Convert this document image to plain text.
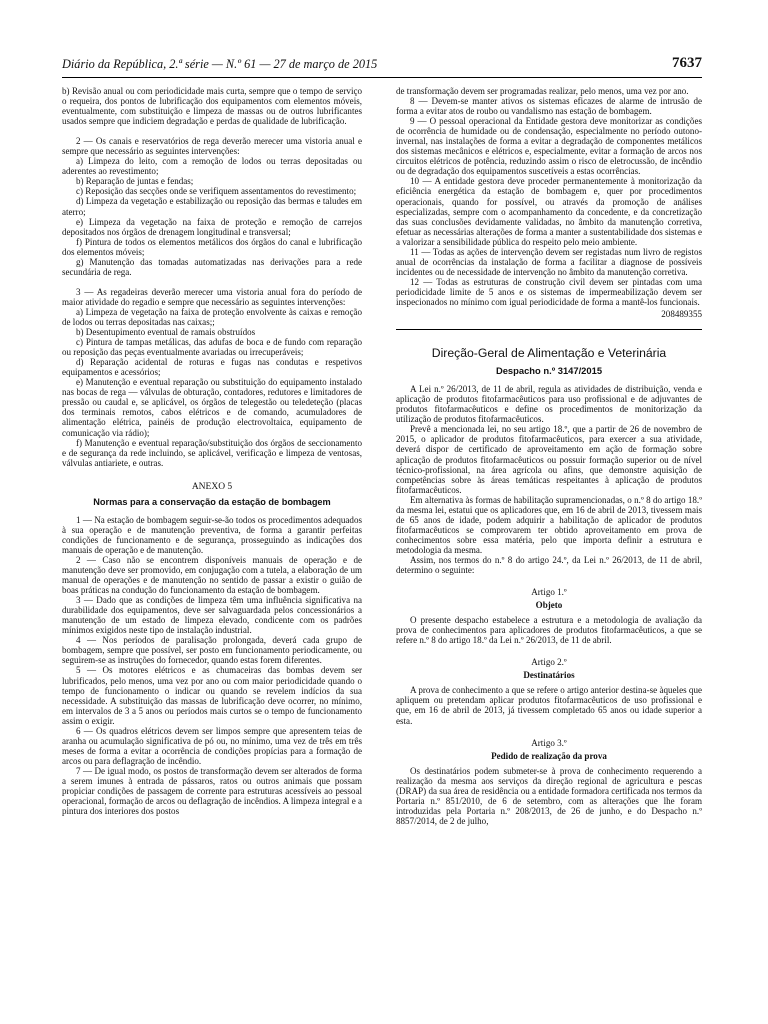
Diário da República, 2.ª série — N.º 61 — 27 de março de 2015	7637

b) Revisão anual ou com periodicidade mais curta, sempre que o tempo de serviço o requeira, dos pontos de lubrificação dos equipamentos com elementos móveis, eventualmente, com substituição e limpeza de massas ou de outros lubrificantes usados sempre que indiciem degradação e perdas de qualidade de lubrificação.

2 — Os canais e reservatórios de rega deverão merecer uma vistoria anual e sempre que necessário as seguintes intervenções:

a) Limpeza do leito, com a remoção de lodos ou terras depositadas ou aderentes ao revestimento;

b) Reparação de juntas e fendas;

c) Reposição das secções onde se verifiquem assentamentos do revestimento;

d) Limpeza da vegetação e estabilização ou reposição das bermas e taludes em aterro;

e) Limpeza da vegetação na faixa de proteção e remoção de carrejos depositados nos órgãos de drenagem longitudinal e transversal;

f) Pintura de todos os elementos metálicos dos órgãos do canal e lubrificação dos elementos móveis;

g) Manutenção das tomadas automatizadas nas derivações para a rede secundária de rega.

3 — As regadeiras deverão merecer uma vistoria anual fora do período de maior atividade do regadio e sempre que necessário as seguintes intervenções:

a) Limpeza de vegetação na faixa de proteção envolvente às caixas e remoção de lodos ou terras depositadas nas caixas;;

b) Desentupimento eventual de ramais obstruídos

c) Pintura de tampas metálicas, das adufas de boca e de fundo com reparação ou reposição das peças eventualmente avariadas ou irrecuperáveis;

d) Reparação acidental de roturas e fugas nas condutas e respetivos equipamentos e acessórios;

e) Manutenção e eventual reparação ou substituição do equipamento instalado nas bocas de rega — válvulas de obturação, contadores, redutores e limitadores de pressão ou caudal e, se aplicável, os órgãos de telegestão ou teledeteção (placas dos terminais remotos, cabos elétricos e de comando, acumuladores de alimentação elétrica, painéis de produção electrovoltaica, equipamento de comunicação via rádio);

f) Manutenção e eventual reparação/substituição dos órgãos de seccionamento e de segurança da rede incluindo, se aplicável, verificação e limpeza de ventosas, válvulas antiariete, e outras.

ANEXO 5
Normas para a conservação da estação de bombagem

1 — Na estação de bombagem seguir-se-ão todos os procedimentos adequados à sua operação e de manutenção preventiva, de forma a garantir perfeitas condições de funcionamento e de segurança, prosseguindo as indicações dos manuais de operação e de manutenção.

2 — Caso não se encontrem disponíveis manuais de operação e de manutenção deve ser promovido, em conjugação com a tutela, a elaboração de um manual de operações e de manutenção no sentido de passar a existir o guião de boas práticas na condução do funcionamento da estação de bombagem.

3 — Dado que as condições de limpeza têm uma influência significativa na durabilidade dos equipamentos, deve ser salvaguardada pelos concessionários a manutenção de um estado de limpeza elevado, condicente com os padrões mínimos exigidos neste tipo de instalação industrial.

4 — Nos períodos de paralisação prolongada, deverá cada grupo de bombagem, sempre que possível, ser posto em funcionamento periodicamente, ou seguirem-se as instruções do fornecedor, quando estas forem diferentes.

5 — Os motores elétricos e as chumaceiras das bombas devem ser lubrificados, pelo menos, uma vez por ano ou com maior periodicidade quando o tempo de funcionamento o indicar ou quando se revelem indícios da sua necessidade. A substituição das massas de lubrificação deve ocorrer, no mínimo, em intervalos de 3 a 5 anos ou períodos mais curtos se o tempo de funcionamento assim o exigir.

6 — Os quadros elétricos devem ser limpos sempre que apresentem teias de aranha ou acumulação significativa de pó ou, no mínimo, uma vez de três em três meses de forma a evitar a ocorrência de condições propícias para a formação de arcos ou para deflagração de incêndio.

7 — De igual modo, os postos de transformação devem ser alterados de forma a serem imunes à entrada de pássaros, ratos ou outros animais que possam propiciar condições de passagem de corrente para estruturas acessíveis ao pessoal operacional, formação de arcos ou deflagração de incêndios. A limpeza integral e a pintura dos interiores dos postos

de transformação devem ser programadas realizar, pelo menos, uma vez por ano.

8 — Devem-se manter ativos os sistemas eficazes de alarme de intrusão de forma a evitar atos de roubo ou vandalismo nas estação de bombagem.

9 — O pessoal operacional da Entidade gestora deve monitorizar as condições de ocorrência de humidade ou de condensação, especialmente no período outono-invernal, nas instalações de forma a evitar a degradação de componentes metálicos dos sistemas mecânicos e elétricos e, especialmente, evitar a formação de arcos nos circuitos elétricos de potência, reduzindo assim o risco de eletrocussão, de incêndio ou de degradação dos equipamentos suscetíveis a estas ocorrências.

10 — A entidade gestora deve proceder permanentemente à monitorização da eficiência energética da estação de bombagem e, quer por procedimentos operacionais, quando for possível, ou através da promoção de análises especializadas, sempre com o acompanhamento da concedente, e da concretização das suas conclusões devidamente validadas, no âmbito da manutenção corretiva, efetuar as necessárias alterações de forma a manter a sustentabilidade dos sistemas e a valorizar a sensibilidade pública do respeito pelo meio ambiente.

11 — Todas as ações de intervenção devem ser registadas num livro de registos anual de ocorrências da instalação de forma a facilitar a diagnose de possíveis incidentes ou de necessidade de intervenção no âmbito da manutenção corretiva.

12 — Todas as estruturas de construção civil devem ser pintadas com uma periodicidade limite de 5 anos e os sistemas de impermeabilização devem ser inspecionados no mínimo com igual periodicidade de forma a mantê-los funcionais.

208489355
Direção-Geral de Alimentação e Veterinária
Despacho n.º 3147/2015

A Lei n.º 26/2013, de 11 de abril, regula as atividades de distribuição, venda e aplicação de produtos fitofarmacêuticos para uso profissional e de adjuvantes de produtos fitofarmacêuticos e define os procedimentos de monitorização da utilização de produtos fitofarmacêuticos.

Prevê a mencionada lei, no seu artigo 18.º, que a partir de 26 de novembro de 2015, o aplicador de produtos fitofarmacêuticos, para exercer a sua atividade, deverá dispor de certificado de aproveitamento em ação de formação sobre aplicação de produtos fitofarmacêuticos ou possuir formação superior ou de nível técnico-profissional, na área agrícola ou afins, que demonstre aquisição de competências sobre às áreas temáticas respeitantes à aplicação de produtos fitofarmacêuticos.

Em alternativa às formas de habilitação supramencionadas, o n.º 8 do artigo 18.º da mesma lei, estatui que os aplicadores que, em 16 de abril de 2013, tivessem mais de 65 anos de idade, podem adquirir a habilitação de aplicador de produtos fitofarmacêuticos se comprovarem ter obtido aproveitamento em prova de conhecimentos sobre essa matéria, pelo que importa definir a estrutura e metodologia da mesma.

Assim, nos termos do n.º 8 do artigo 24.º, da Lei n.º 26/2013, de 11 de abril, determino o seguinte:

Artigo 1.º
Objeto

O presente despacho estabelece a estrutura e a metodologia de avaliação da prova de conhecimentos para aplicadores de produtos fitofarmacêuticos, a que se refere n.º 8 do artigo 18.º da Lei n.º 26/2013, de 11 de abril.

Artigo 2.º
Destinatários

A prova de conhecimento a que se refere o artigo anterior destina-se àqueles que apliquem ou pretendam aplicar produtos fitofarmacêuticos de uso profissional e que, em 16 de abril de 2013, já tivessem completado 65 anos ou idade superior a esta.

Artigo 3.º
Pedido de realização da prova

Os destinatários podem submeter-se à prova de conhecimento requerendo a realização da mesma aos serviços da direção regional de agricultura e pescas (DRAP) da sua área de residência ou a entidade formadora certificada nos termos da Portaria n.º 851/2010, de 6 de setembro, com as alterações que lhe foram introduzidas pela Portaria n.º 208/2013, de 26 de junho, e do Despacho n.º 8857/2014, de 2 de julho,
